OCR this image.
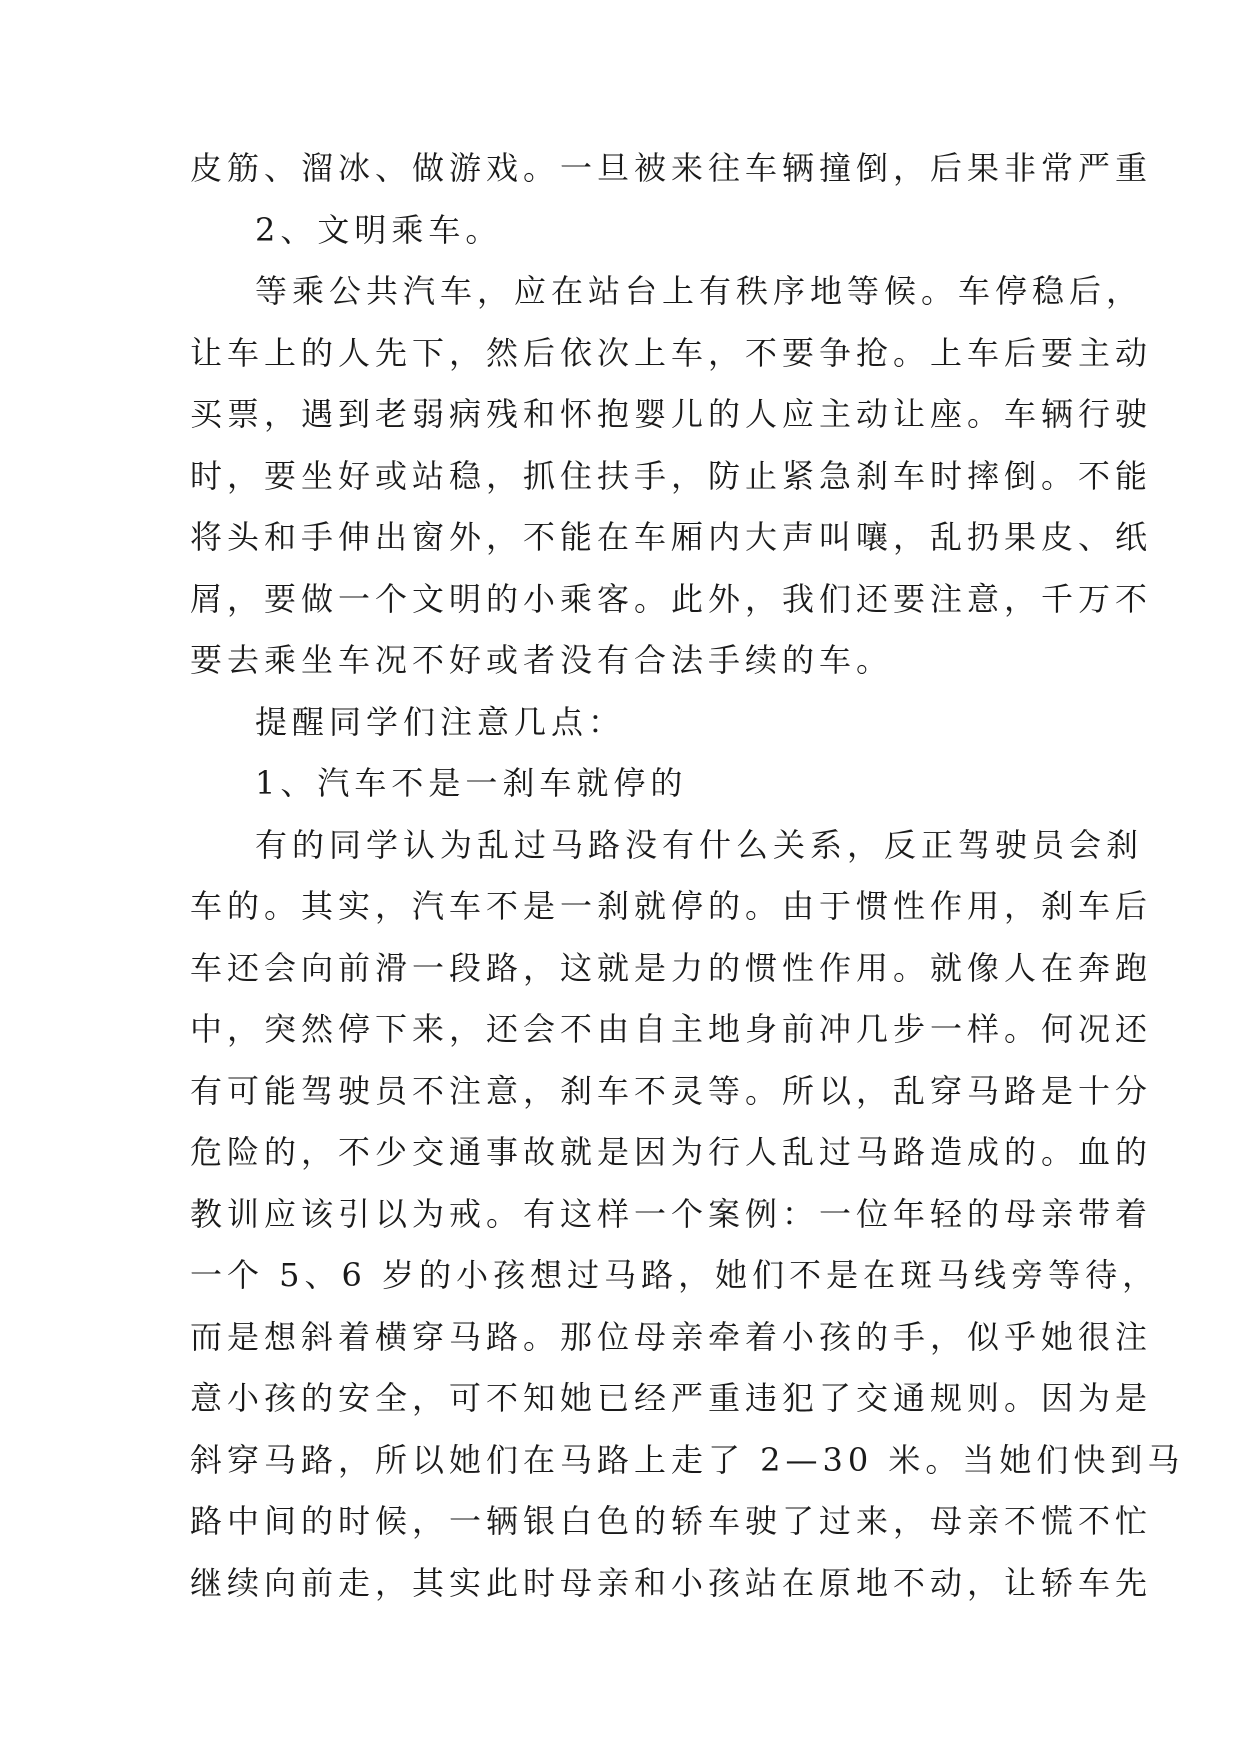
皮筋、溜冰、做游戏。一旦被来往车辆撞倒，后果非常严重

2、文明乘车。

等乘公共汽车，应在站台上有秩序地等候。车停稳后，

让车上的人先下，然后依次上车，不要争抢。上车后要主动

买票，遇到老弱病残和怀抱婴儿的人应主动让座。车辆行驶

时，要坐好或站稳，抓住扶手，防止紧急刹车时摔倒。不能

将头和手伸出窗外，不能在车厢内大声叫嚷，乱扔果皮、纸

屑，要做一个文明的小乘客。此外，我们还要注意，千万不

要去乘坐车况不好或者没有合法手续的车。

提醒同学们注意几点：

1、汽车不是一刹车就停的

有的同学认为乱过马路没有什么关系，反正驾驶员会刹

车的。其实，汽车不是一刹就停的。由于惯性作用，刹车后

车还会向前滑一段路，这就是力的惯性作用。就像人在奔跑

中，突然停下来，还会不由自主地身前冲几步一样。何况还

有可能驾驶员不注意，刹车不灵等。所以，乱穿马路是十分

危险的，不少交通事故就是因为行人乱过马路造成的。血的

教训应该引以为戒。有这样一个案例：一位年轻的母亲带着

一个 5、6 岁的小孩想过马路，她们不是在斑马线旁等待，

而是想斜着横穿马路。那位母亲牵着小孩的手，似乎她很注

意小孩的安全，可不知她已经严重违犯了交通规则。因为是

斜穿马路，所以她们在马路上走了 2—30 米。当她们快到马

路中间的时候，一辆银白色的轿车驶了过来，母亲不慌不忙

继续向前走，其实此时母亲和小孩站在原地不动，让轿车先
